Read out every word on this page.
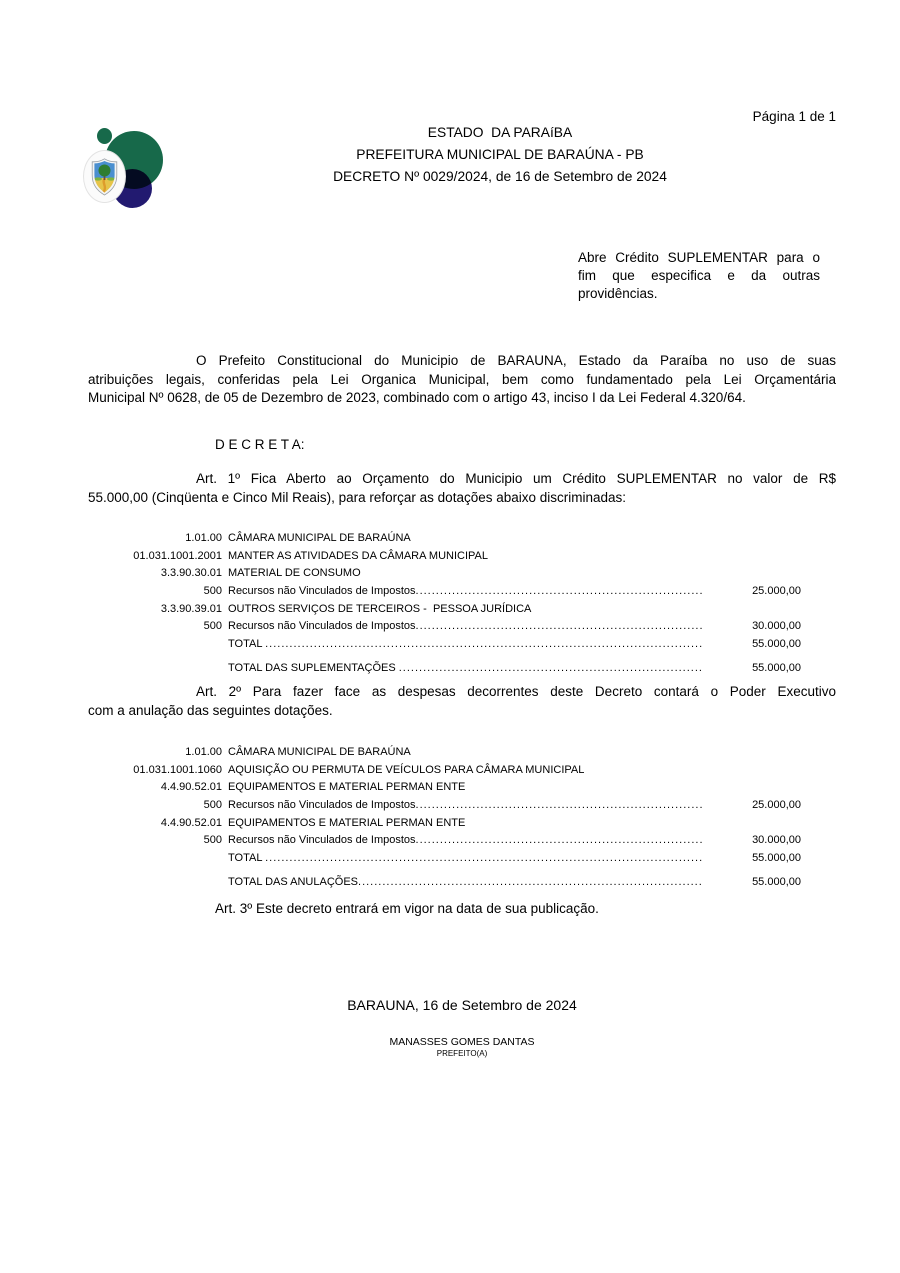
Página 1 de 1
ESTADO  DA PARAíBA
PREFEITURA MUNICIPAL DE BARAÚNA - PB
DECRETO Nº 0029/2024, de 16 de Setembro de 2024
Abre Crédito SUPLEMENTAR para o
fim que especifica e da outras
providências.
O Prefeito Constitucional do Municipio de BARAUNA, Estado da Paraíba no uso de suas
atribuições legais, conferidas pela Lei Organica Municipal, bem como fundamentado pela Lei Orçamentária
Municipal Nº 0628, de 05 de Dezembro de 2023, combinado com o artigo 43, inciso I da Lei Federal 4.320/64.
D E C R E T A:
Art. 1º Fica Aberto ao Orçamento do Municipio um Crédito SUPLEMENTAR no valor de R$
55.000,00 (Cinqüenta e Cinco Mil Reais), para reforçar as dotações abaixo discriminadas:
1.01.00 CÂMARA MUNICIPAL DE BARAÚNA
01.031.1001.2001 MANTER AS ATIVIDADES DA CÂMARA MUNICIPAL
3.3.90.30.01 MATERIAL DE CONSUMO
500 Recursos não Vinculados de Impostos .....	25.000,00
3.3.90.39.01 OUTROS SERVIÇOS DE TERCEIROS -  PESSOA JURÍDICA
500 Recursos não Vinculados de Impostos .....	30.000,00
TOTAL .....	55.000,00
TOTAL DAS SUPLEMENTAÇÕES .....	55.000,00
Art. 2º Para fazer face as despesas decorrentes deste Decreto contará o Poder Executivo
com a anulação das seguintes dotações.
1.01.00 CÂMARA MUNICIPAL DE BARAÚNA
01.031.1001.1060 AQUISIÇÃO OU PERMUTA DE VEÍCULOS PARA CÂMARA MUNICIPAL
4.4.90.52.01 EQUIPAMENTOS E MATERIAL PERMAN ENTE
500 Recursos não Vinculados de Impostos .....	25.000,00
4.4.90.52.01 EQUIPAMENTOS E MATERIAL PERMAN ENTE
500 Recursos não Vinculados de Impostos .....	30.000,00
TOTAL .....	55.000,00
TOTAL DAS ANULAÇÕES .....	55.000,00
Art. 3º Este decreto entrará em vigor na data de sua publicação.
BARAUNA, 16 de Setembro de 2024
MANASSES GOMES DANTAS
PREFEITO(A)
